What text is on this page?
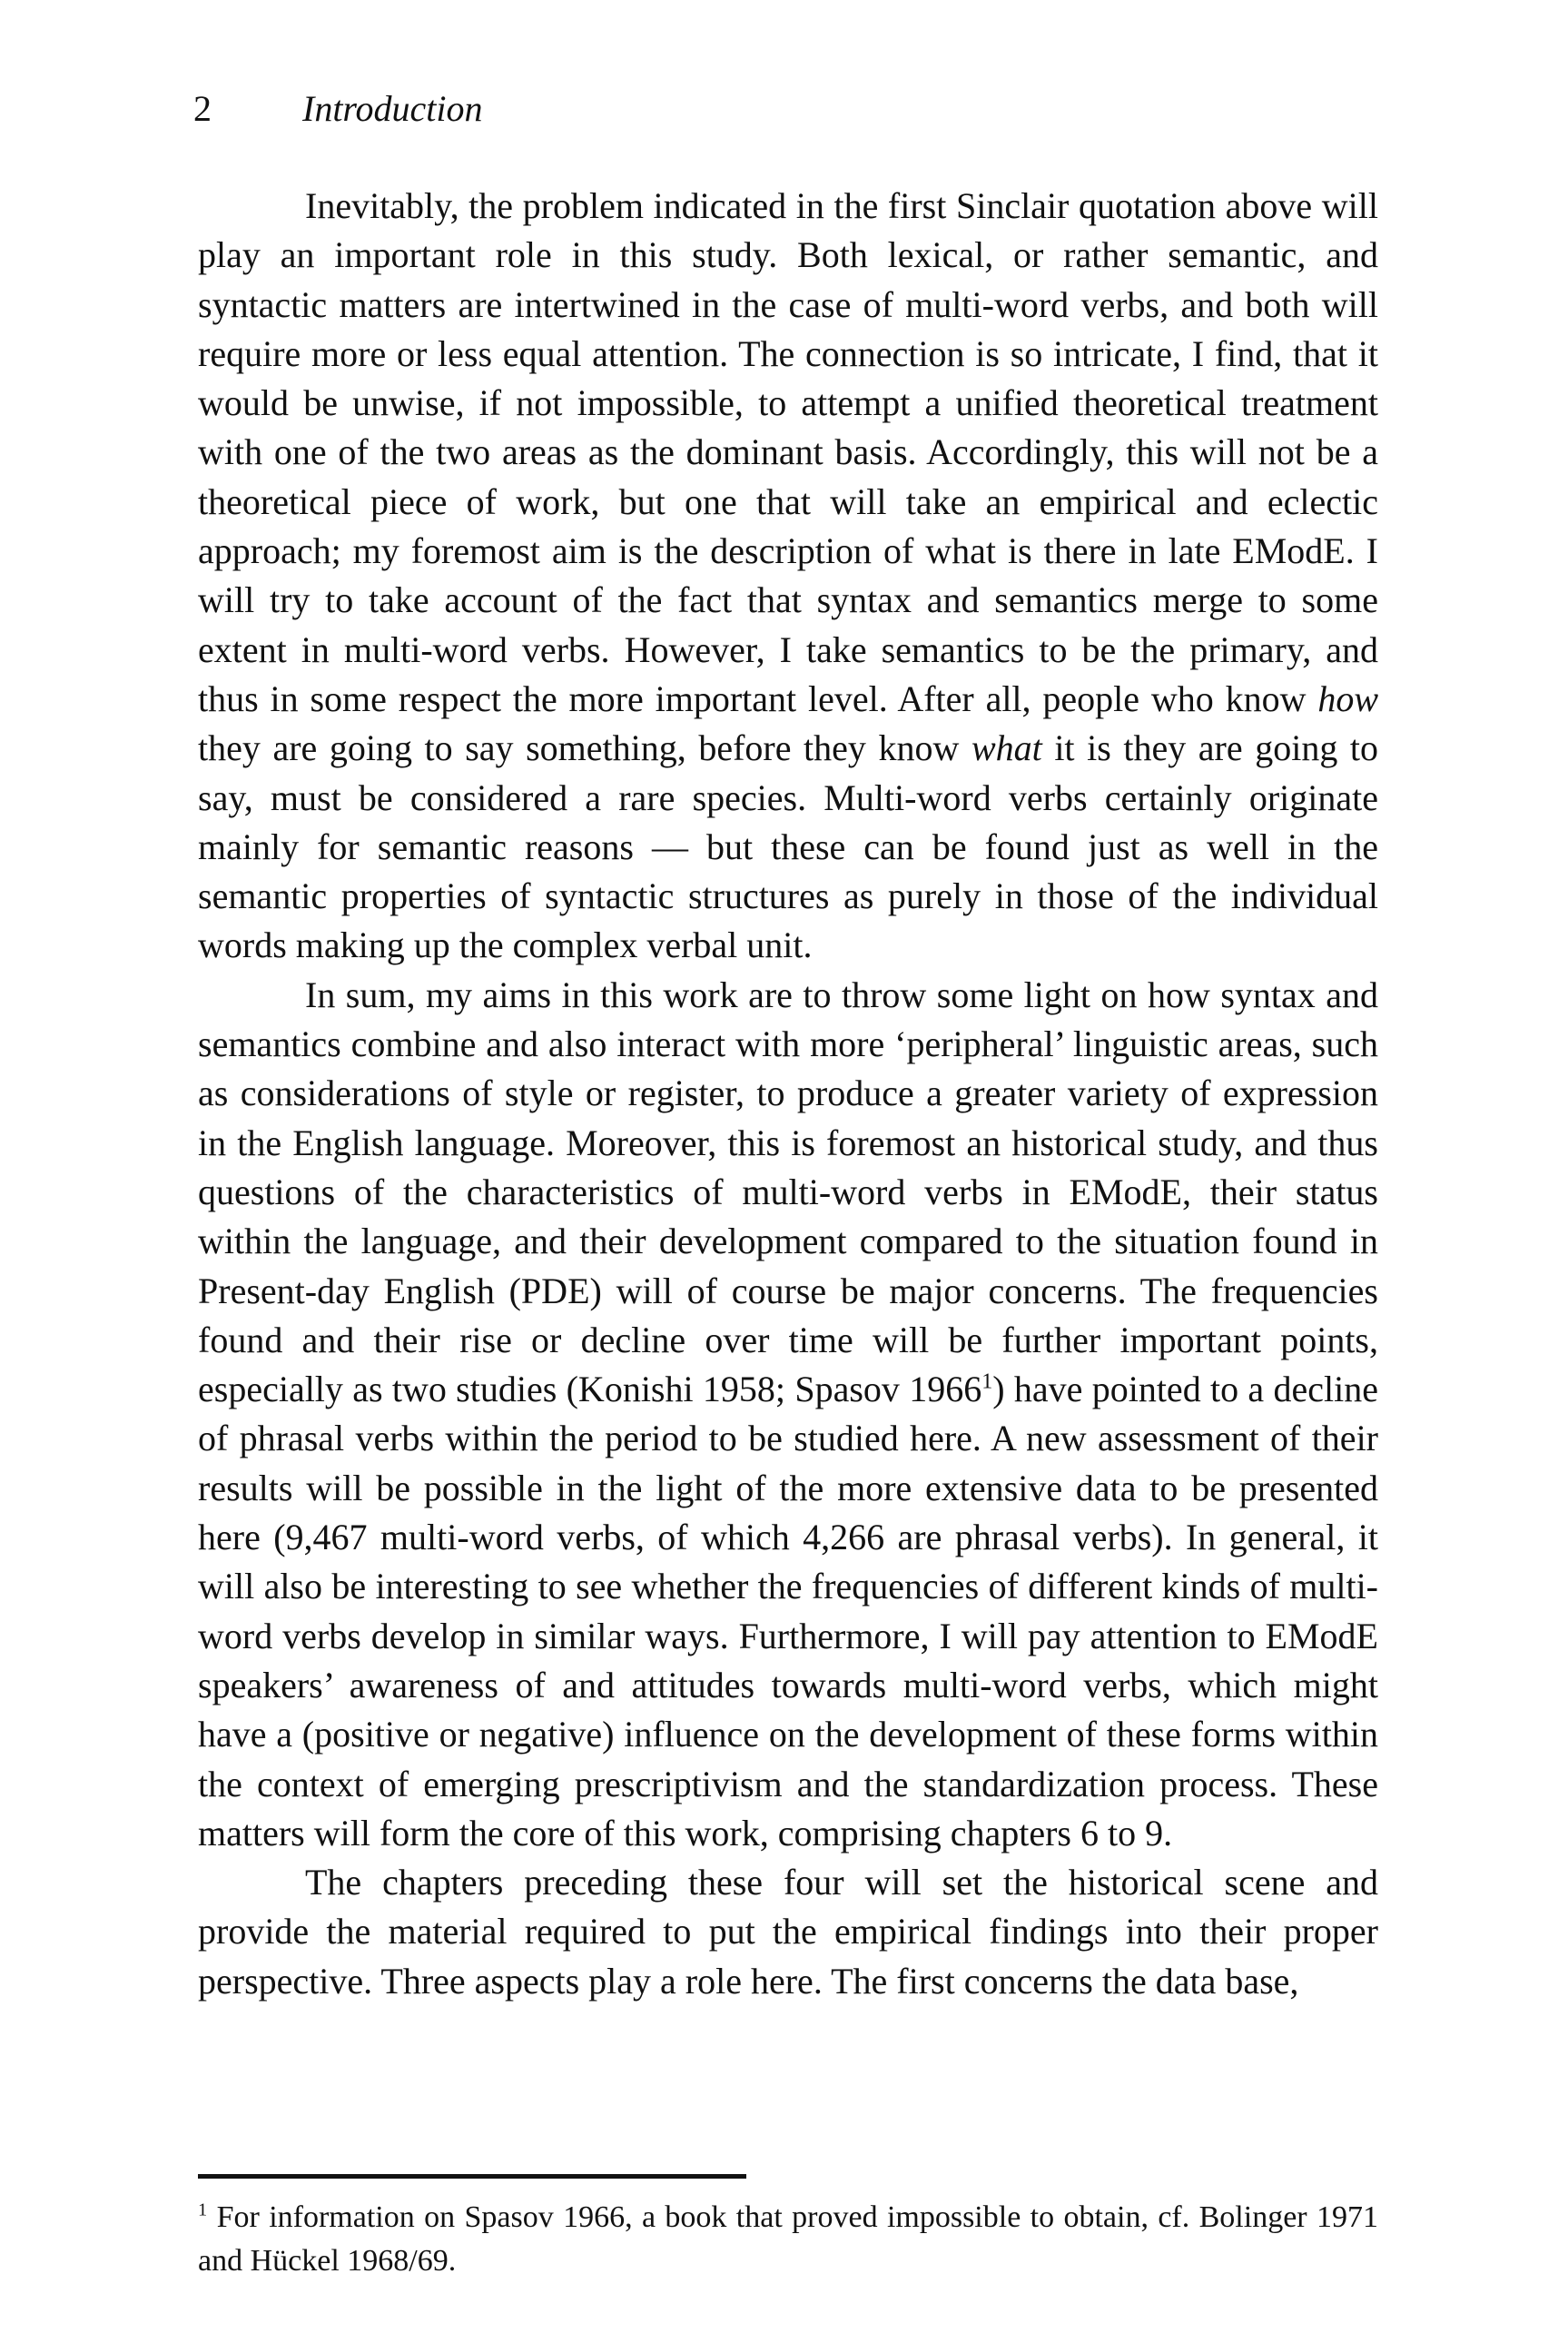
2	Introduction

Inevitably, the problem indicated in the first Sinclair quotation above will play an important role in this study. Both lexical, or rather semantic, and syntactic matters are intertwined in the case of multi-word verbs, and both will require more or less equal attention. The connection is so intricate, I find, that it would be unwise, if not impossible, to attempt a unified theoretical treatment with one of the two areas as the dominant basis. Accordingly, this will not be a theoretical piece of work, but one that will take an empirical and eclectic approach; my foremost aim is the description of what is there in late EModE. I will try to take account of the fact that syntax and semantics merge to some extent in multi-word verbs. However, I take semantics to be the primary, and thus in some respect the more important level. After all, people who know how they are going to say something, before they know what it is they are going to say, must be considered a rare species. Multi-word verbs certainly originate mainly for semantic reasons — but these can be found just as well in the semantic properties of syntactic structures as purely in those of the individual words making up the complex verbal unit.

In sum, my aims in this work are to throw some light on how syntax and semantics combine and also interact with more ‘peripheral’ linguistic areas, such as considerations of style or register, to produce a greater variety of expression in the English language. Moreover, this is foremost an historical study, and thus questions of the characteristics of multi-word verbs in EModE, their status within the language, and their development compared to the situation found in Present-day English (PDE) will of course be major concerns. The frequencies found and their rise or decline over time will be further important points, especially as two studies (Konishi 1958; Spasov 1966$^1$) have pointed to a decline of phrasal verbs within the period to be studied here. A new assessment of their results will be possible in the light of the more extensive data to be presented here (9,467 multi-word verbs, of which 4,266 are phrasal verbs). In general, it will also be interesting to see whether the frequencies of different kinds of multi-word verbs develop in similar ways. Furthermore, I will pay attention to EModE speakers’ awareness of and attitudes towards multi-word verbs, which might have a (positive or negative) influence on the development of these forms within the context of emerging prescriptivism and the standardization process. These matters will form the core of this work, comprising chapters 6 to 9.

The chapters preceding these four will set the historical scene and provide the material required to put the empirical findings into their proper perspective. Three aspects play a role here. The first concerns the data base,

$^1$ For information on Spasov 1966, a book that proved impossible to obtain, cf. Bolinger 1971 and Hückel 1968/69.
